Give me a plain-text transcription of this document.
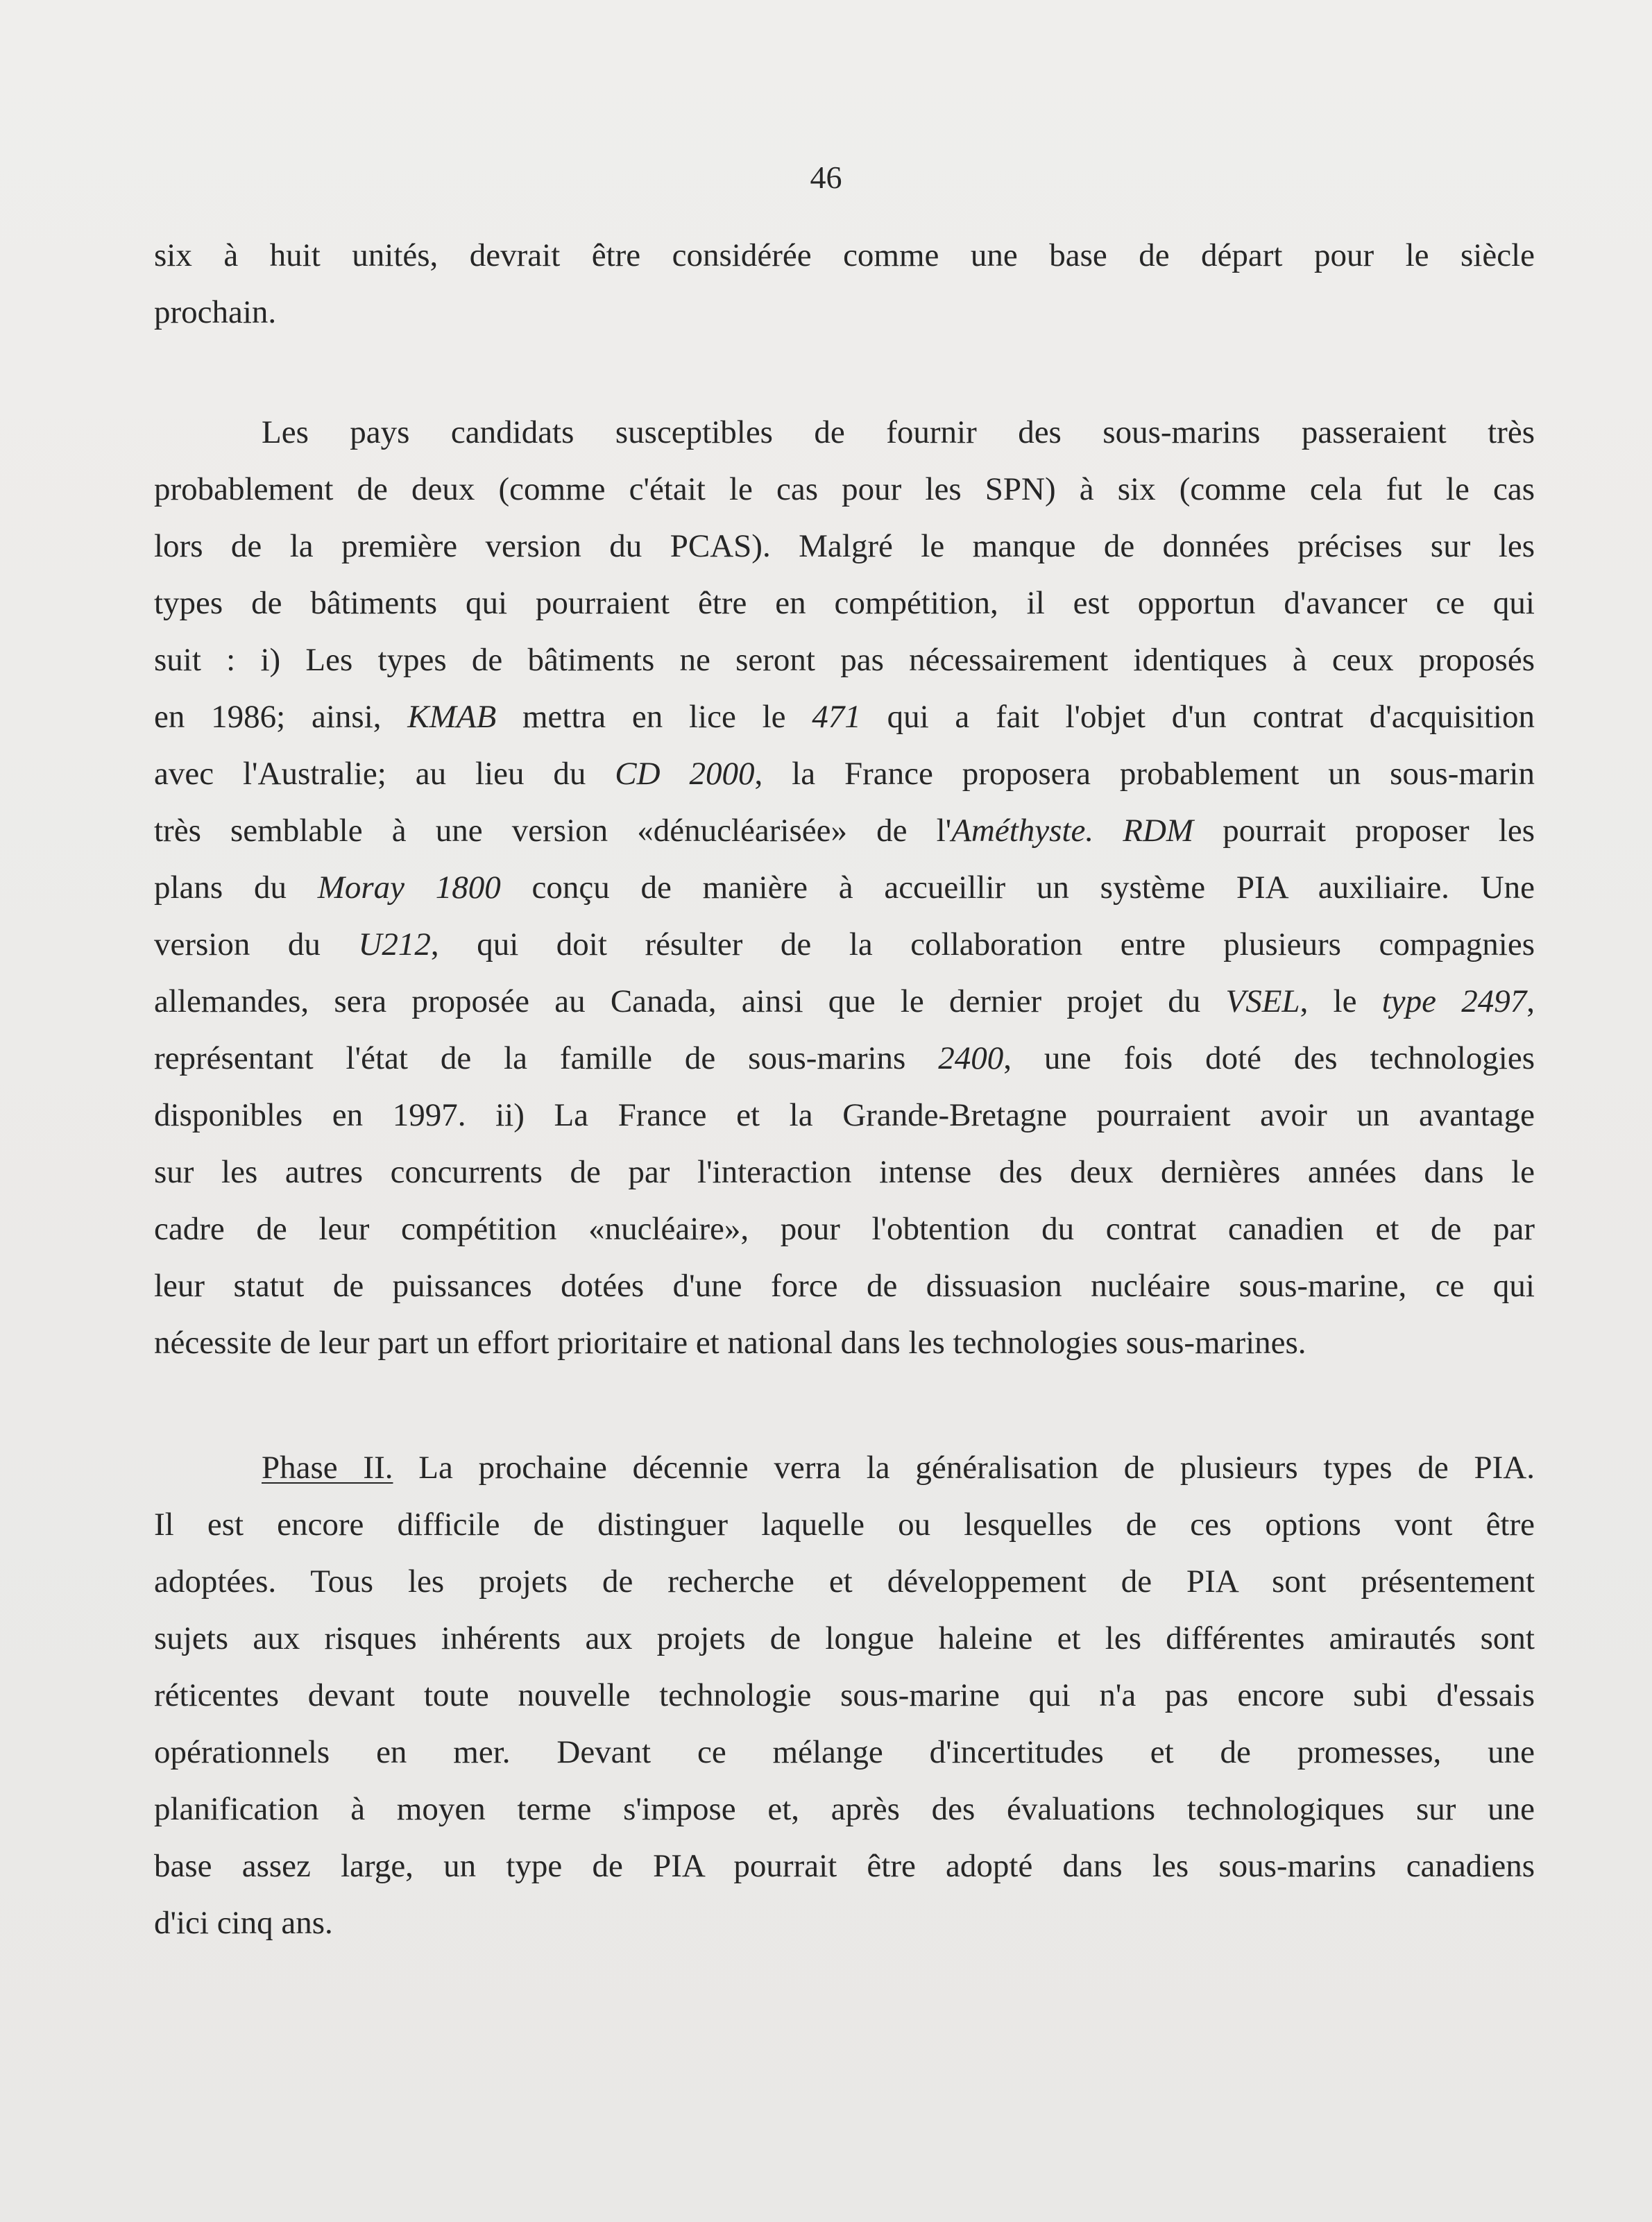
46
six à huit unités, devrait être considérée comme une base de départ pour le siècle
prochain.
Les pays candidats susceptibles de fournir des sous-marins passeraient très
probablement de deux (comme c'était le cas pour les SPN) à six (comme cela fut le cas
lors de la première version du PCAS). Malgré le manque de données précises sur les
types de bâtiments qui pourraient être en compétition, il est opportun d'avancer ce qui
suit : i) Les types de bâtiments ne seront pas nécessairement identiques à ceux proposés
en 1986; ainsi, KMAB mettra en lice le 471 qui a fait l'objet d'un contrat d'acquisition
avec l'Australie; au lieu du CD 2000, la France proposera probablement un sous-marin
très semblable à une version «dénucléarisée» de l'Améthyste. RDM pourrait proposer les
plans du Moray 1800 conçu de manière à accueillir un système PIA auxiliaire. Une
version du U212, qui doit résulter de la collaboration entre plusieurs compagnies
allemandes, sera proposée au Canada, ainsi que le dernier projet du VSEL, le type 2497,
représentant l'état de la famille de sous-marins 2400, une fois doté des technologies
disponibles en 1997. ii) La France et la Grande-Bretagne pourraient avoir un avantage
sur les autres concurrents de par l'interaction intense des deux dernières années dans le
cadre de leur compétition «nucléaire», pour l'obtention du contrat canadien et de par
leur statut de puissances dotées d'une force de dissuasion nucléaire sous-marine, ce qui
nécessite de leur part un effort prioritaire et national dans les technologies sous-marines.
Phase II. La prochaine décennie verra la généralisation de plusieurs types de PIA.
Il est encore difficile de distinguer laquelle ou lesquelles de ces options vont être
adoptées. Tous les projets de recherche et développement de PIA sont présentement
sujets aux risques inhérents aux projets de longue haleine et les différentes amirautés sont
réticentes devant toute nouvelle technologie sous-marine qui n'a pas encore subi d'essais
opérationnels en mer. Devant ce mélange d'incertitudes et de promesses, une
planification à moyen terme s'impose et, après des évaluations technologiques sur une
base assez large, un type de PIA pourrait être adopté dans les sous-marins canadiens
d'ici cinq ans.
